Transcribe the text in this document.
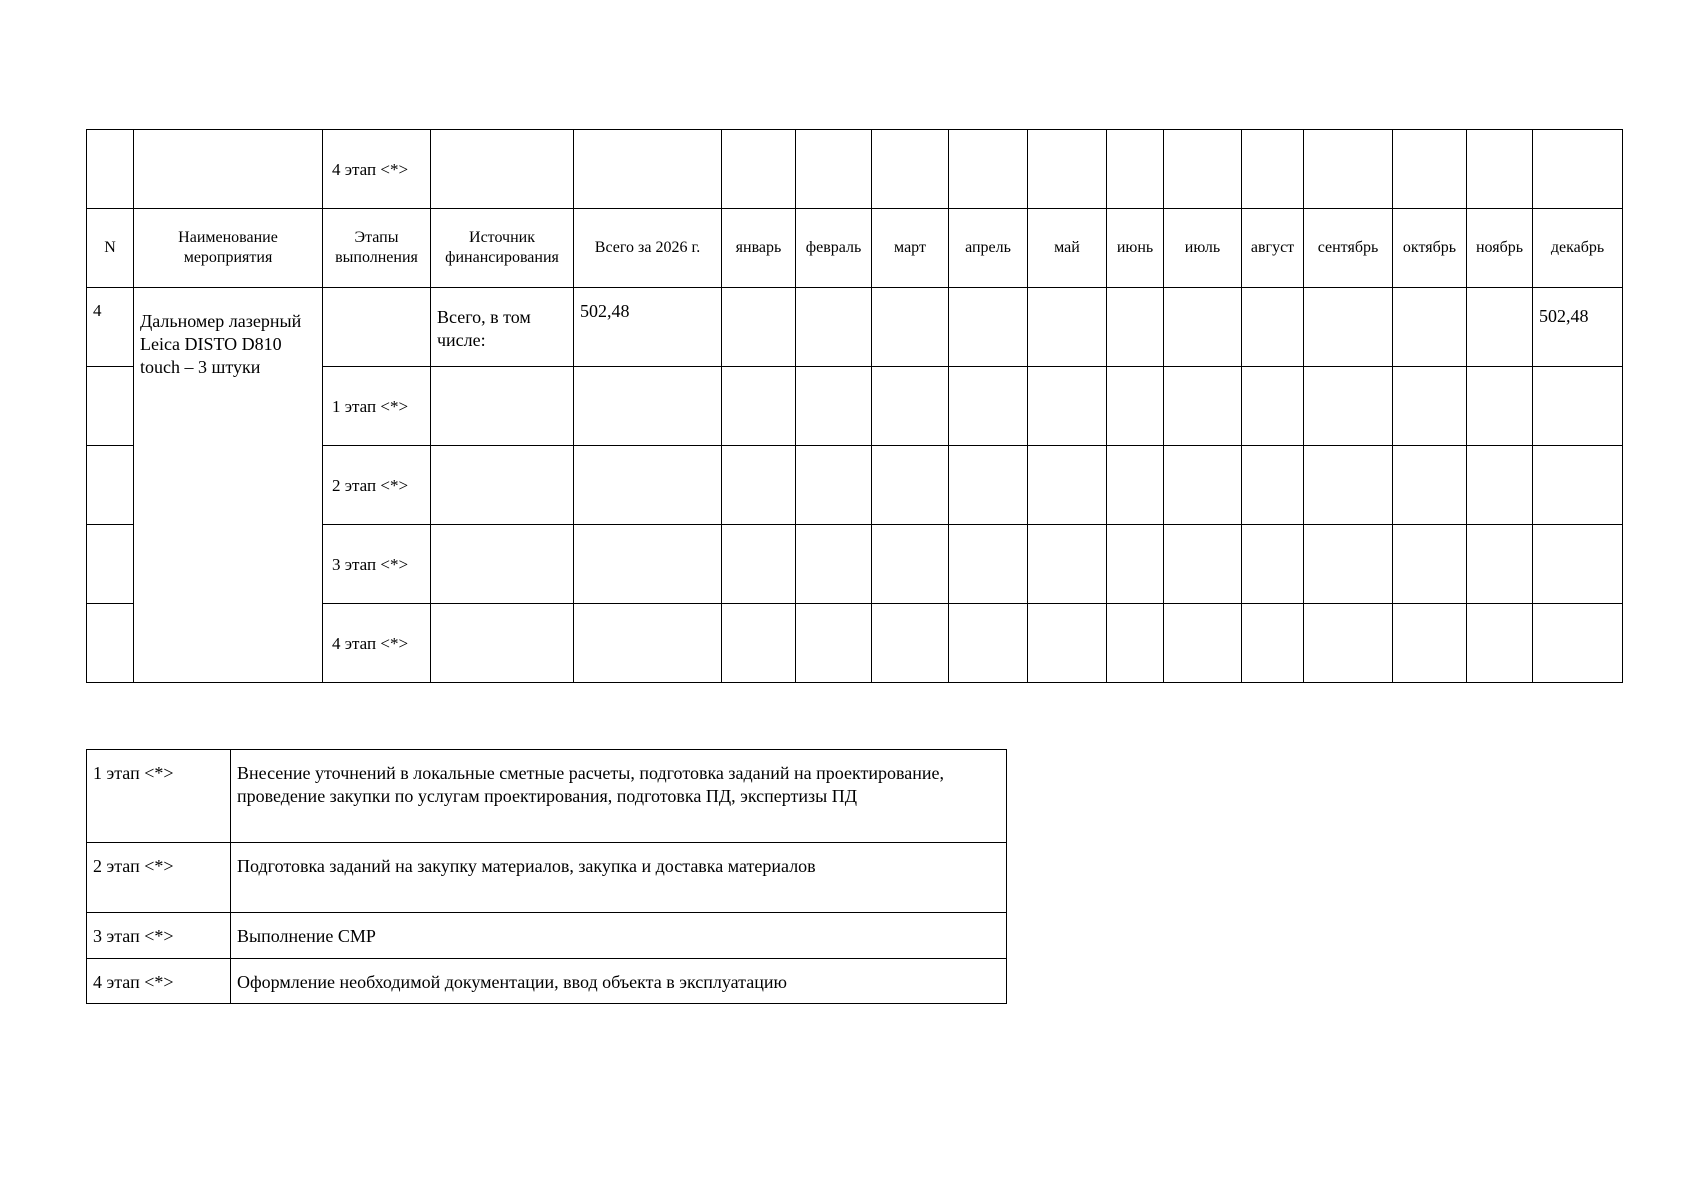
		4 этап <*>														
N	Наименование мероприятия	Этапы выполнения	Источник финансирования	Всего за 2026 г.	январь	февраль	март	апрель	май	июнь	июль	август	сентябрь	октябрь	ноябрь	декабрь
4	Дальномер лазерный Leica DISTO D810 touch – 3 штуки		Всего, в том числе:	502,48												502,48
		1 этап <*>														
		2 этап <*>														
		3 этап <*>														
		4 этап <*>														
1 этап <*>	Внесение уточнений в локальные сметные расчеты, подготовка заданий на проектирование, проведение закупки по услугам проектирования, подготовка ПД, экспертизы ПД
2 этап <*>	Подготовка заданий на закупку материалов, закупка и доставка материалов
3 этап <*>	Выполнение СМР
4 этап <*>	Оформление необходимой документации, ввод объекта в эксплуатацию
